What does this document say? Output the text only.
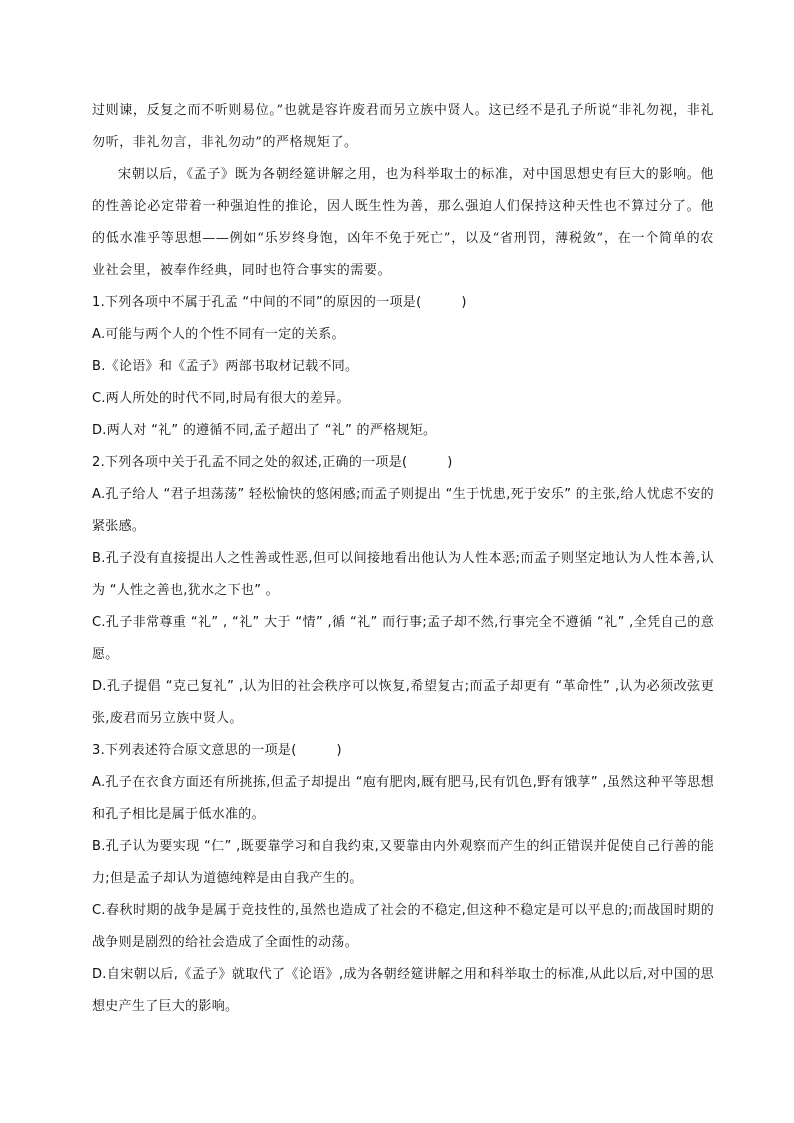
过则谏，反复之而不听则易位。”也就是容许废君而另立族中贤人。这已经不是孔子所说“非礼勿视，非礼勿听，非礼勿言，非礼勿动”的严格规矩了。

宋朝以后，《孟子》既为各朝经筵讲解之用，也为科举取士的标准，对中国思想史有巨大的影响。他的性善论必定带着一种强迫性的推论，因人既生性为善，那么强迫人们保持这种天性也不算过分了。他的低水准乎等思想——例如“乐岁终身饱，凶年不免于死亡”，以及“省刑罚，薄税敛”，在一个简单的农业社会里，被奉作经典，同时也符合事实的需要。

1.下列各项中不属于孔孟 “中间的不同”的原因的一项是(　　　)

A.可能与两个人的个性不同有一定的关系。

B.《论语》和《孟子》两部书取材记载不同。

C.两人所处的时代不同,时局有很大的差异。

D.两人对 “礼” 的遵循不同,孟子超出了 “礼” 的严格规矩。

2.下列各项中关于孔孟不同之处的叙述,正确的一项是(　　　)

A.孔子给人 “君子坦荡荡” 轻松愉快的悠闲感;而孟子则提出 “生于忧患,死于安乐” 的主张,给人忧虑不安的紧张感。

B.孔子没有直接提出人之性善或性恶,但可以间接地看出他认为人性本恶;而孟子则坚定地认为人性本善,认为 “人性之善也,犹水之下也” 。

C.孔子非常尊重 “礼” , “礼” 大于 “情” ,循 “礼” 而行事;孟子却不然,行事完全不遵循 “礼” ,全凭自己的意愿。

D.孔子提倡 “克己复礼” ,认为旧的社会秩序可以恢复,希望复古;而孟子却更有 “革命性” ,认为必须改弦更张,废君而另立族中贤人。

3.下列表述符合原文意思的一项是(　　　)

A.孔子在衣食方面还有所挑拣,但孟子却提出 “庖有肥肉,厩有肥马,民有饥色,野有饿莩” ,虽然这种平等思想和孔子相比是属于低水准的。

B.孔子认为要实现 “仁” ,既要靠学习和自我约束,又要靠由内外观察而产生的纠正错误并促使自己行善的能力;但是孟子却认为道德纯粹是由自我产生的。

C.春秋时期的战争是属于竞技性的,虽然也造成了社会的不稳定,但这种不稳定是可以平息的;而战国时期的战争则是剧烈的给社会造成了全面性的动荡。

D.自宋朝以后,《孟子》就取代了《论语》,成为各朝经筵讲解之用和科举取士的标准,从此以后,对中国的思想史产生了巨大的影响。
